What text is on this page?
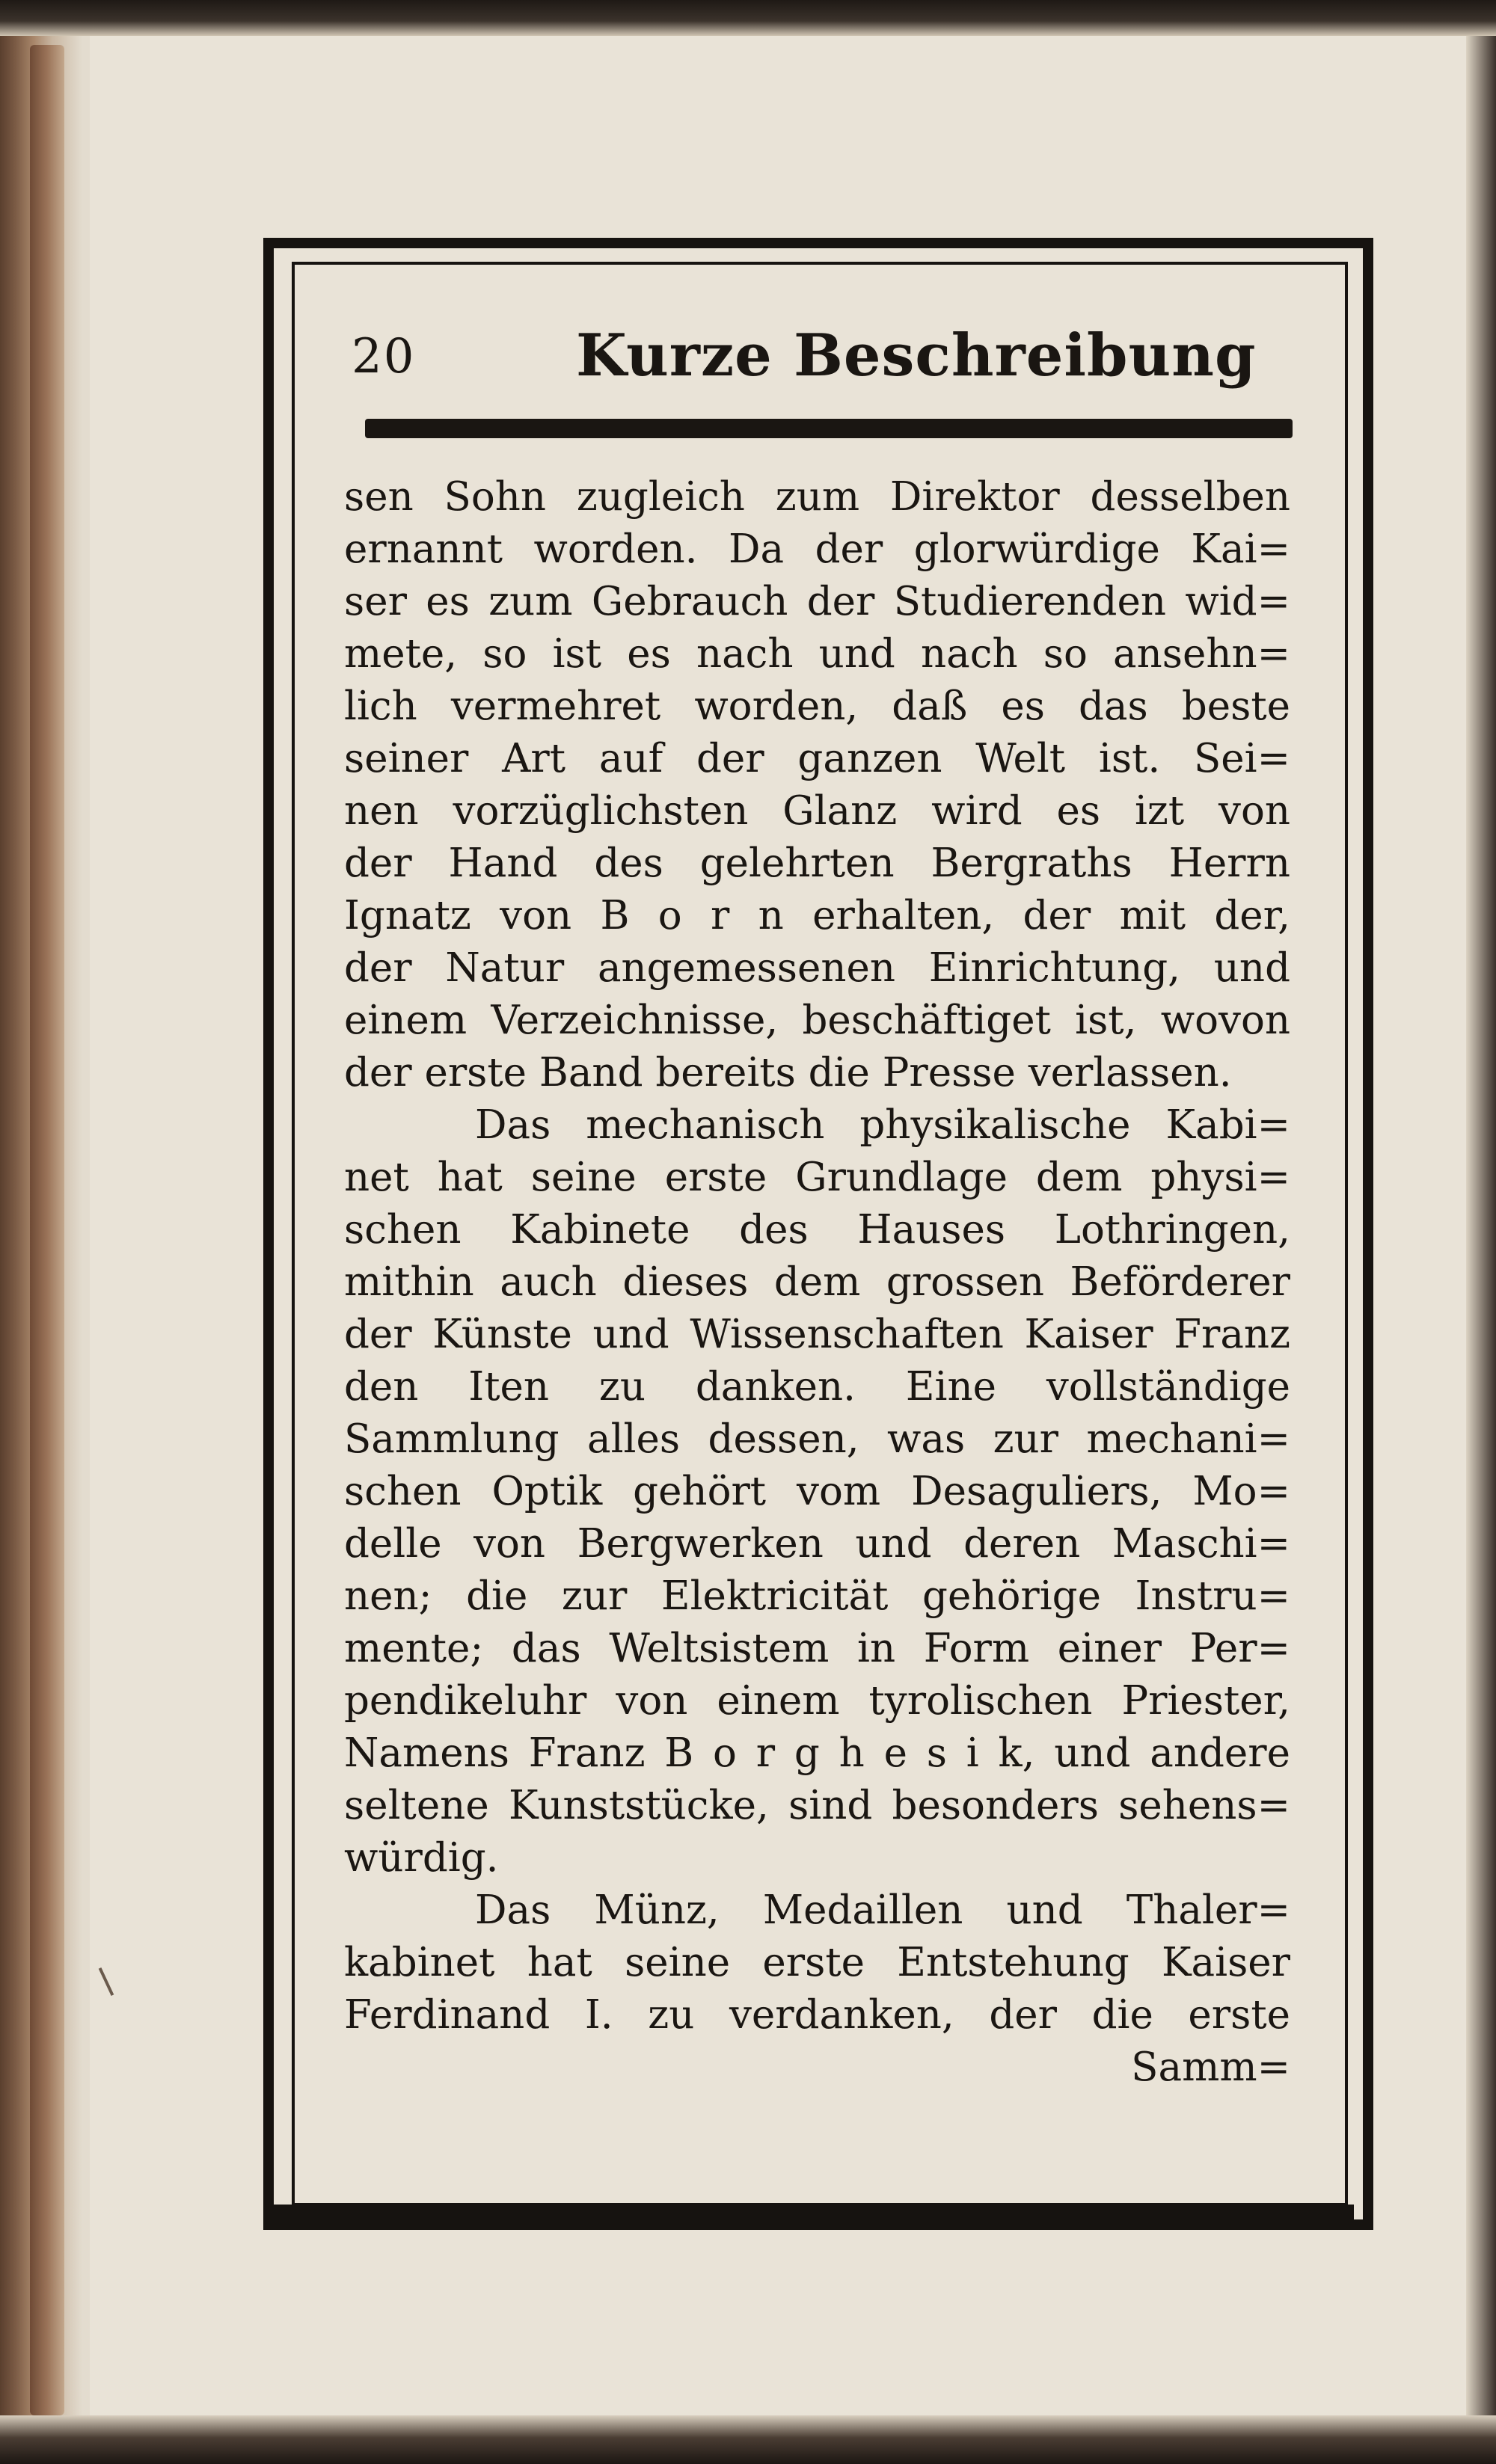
20	Kurze Beschreibung
sen Sohn zugleich zum Direktor desselben
ernannt worden. Da der glorwürdige Kai=
ser es zum Gebrauch der Studierenden wid=
mete, so ist es nach und nach so ansehn=
lich vermehret worden, daß es das beste
seiner Art auf der ganzen Welt ist. Sei=
nen vorzüglichsten Glanz wird es izt von
der Hand des gelehrten Bergraths Herrn
Ignatz von B o r n erhalten, der mit der,
der Natur angemessenen Einrichtung, und
einem Verzeichnisse, beschäftiget ist, wovon
der erste Band bereits die Presse verlassen.
Das mechanisch physikalische Kabi=
net hat seine erste Grundlage dem physi=
schen Kabinete des Hauses Lothringen,
mithin auch dieses dem grossen Beförderer
der Künste und Wissenschaften Kaiser Franz
den Iten zu danken. Eine vollständige
Sammlung alles dessen, was zur mechani=
schen Optik gehört vom Desaguliers, Mo=
delle von Bergwerken und deren Maschi=
nen; die zur Elektricität gehörige Instru=
mente; das Weltsistem in Form einer Per=
pendikeluhr von einem tyrolischen Priester,
Namens Franz B o r g h e s i k, und andere
seltene Kunststücke, sind besonders sehens=
würdig.
Das Münz, Medaillen und Thaler=
kabinet hat seine erste Entstehung Kaiser
Ferdinand I. zu verdanken, der die erste
Samm=
